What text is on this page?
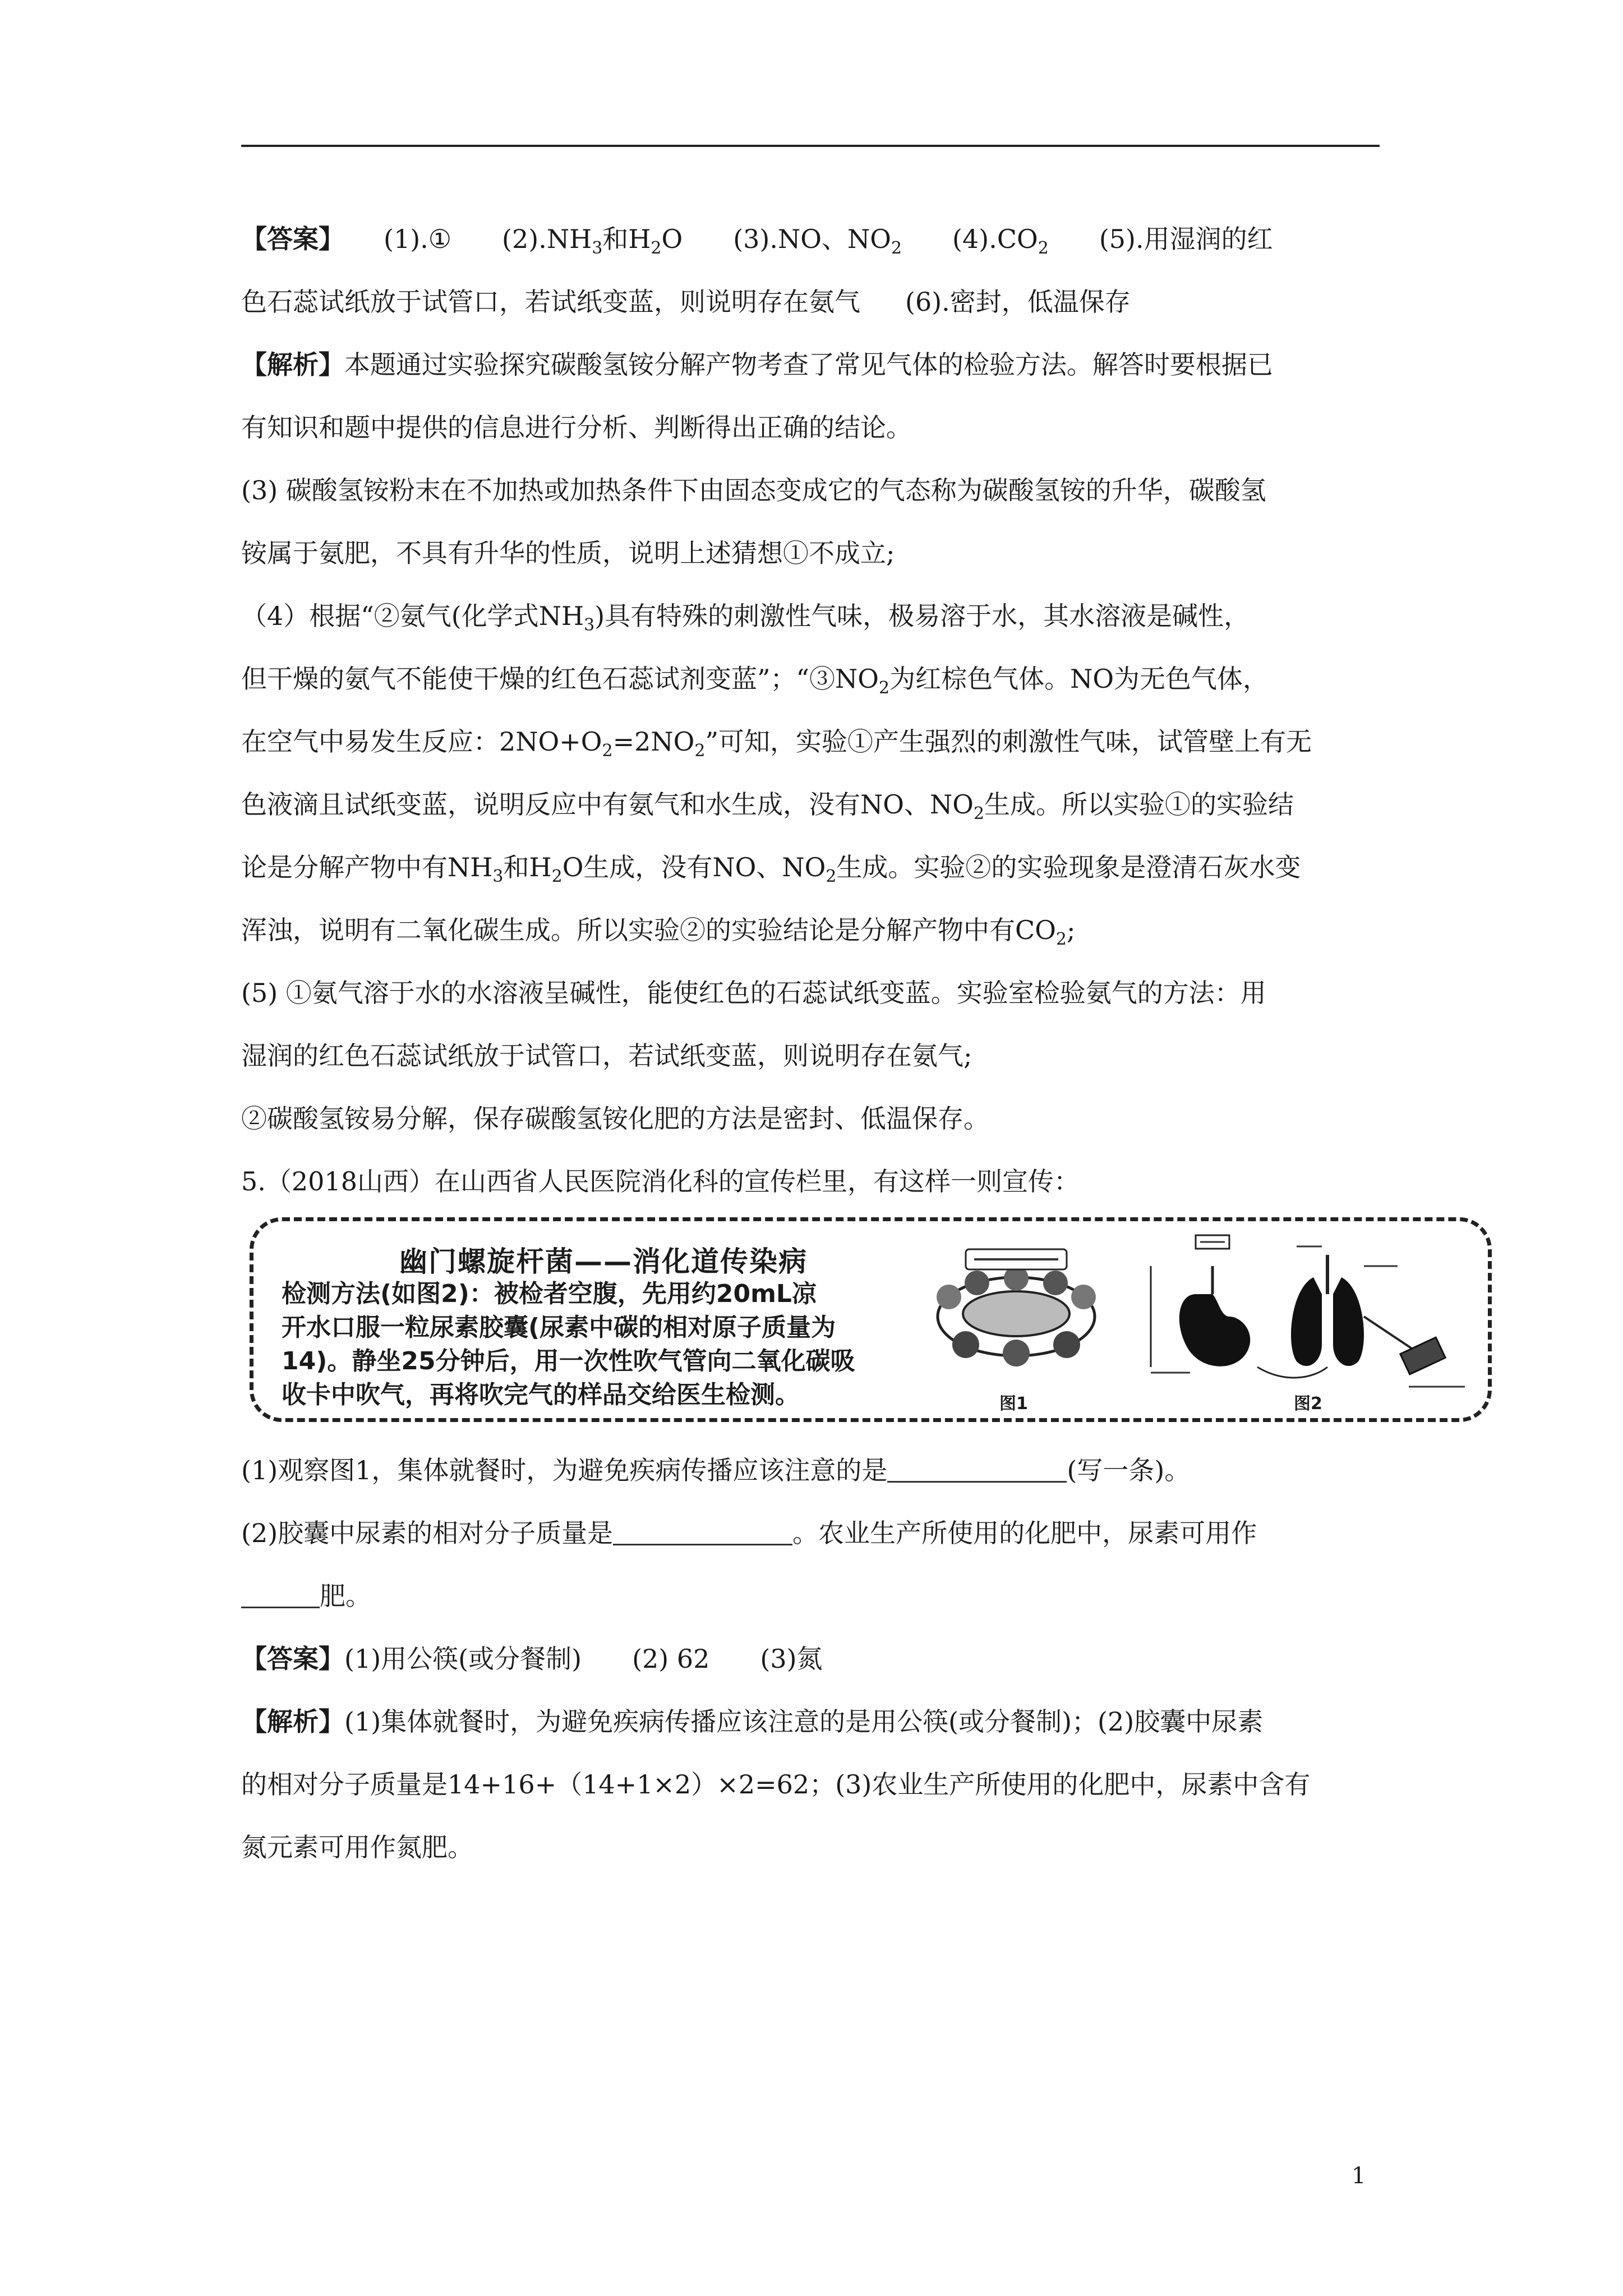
【答案】 (1).① $(2).NH_3$和$H_2O$ (3).NO、$NO_2$ $(4).CO_2$ (5).用湿润的红
色石蕊试纸放于试管口，若试纸变蓝，则说明存在氨气 (6).密封，低温保存
【解析】本题通过实验探究碳酸氢铵分解产物考查了常见气体的检验方法。解答时要根据已
有知识和题中提供的信息进行分析、判断得出正确的结论。
(3) 碳酸氢铵粉末在不加热或加热条件下由固态变成它的气态称为碳酸氢铵的升华，碳酸氢
铵属于氨肥，不具有升华的性质，说明上述猜想①不成立;
（4）根据“②氨气(化学式$NH_3$)具有特殊的刺激性气味，极易溶于水，其水溶液是碱性，
但干燥的氨气不能使干燥的红色石蕊试剂变蓝”；“$③NO_2$为红棕色气体。NO为无色气体，
在空气中易发生反应：$2NO+O_2=2NO_2$”可知，实验①产生强烈的刺激性气味，试管壁上有无
色液滴且试纸变蓝，说明反应中有氨气和水生成，没有NO、$NO_2$生成。所以实验①的实验结
论是分解产物中有$NH_3$和$H_2O$生成，没有NO、$NO_2$生成。实验②的实验现象是澄清石灰水变
浑浊，说明有二氧化碳生成。所以实验②的实验结论是分解产物中有$CO_2$;
(5) ①氨气溶于水的水溶液呈碱性，能使红色的石蕊试纸变蓝。实验室检验氨气的方法：用
湿润的红色石蕊试纸放于试管口，若试纸变蓝，则说明存在氨气;
②碳酸氢铵易分解，保存碳酸氢铵化肥的方法是密封、低温保存。
5.（2018山西）在山西省人民医院消化科的宣传栏里，有这样一则宣传：
幽门螺旋杆菌——消化道传染病
检测方法(如图2)：被检者空腹，先用约20mL凉
开水口服一粒尿素胶囊(尿素中碳的相对原子质量为
14)。静坐25分钟后，用一次性吹气管向二氧化碳吸
收卡中吹气，再将吹完气的样品交给医生检测。	图1	图2
(1)观察图1，集体就餐时，为避免疾病传播应该注意的是	(写一条)。
(2)胶囊中尿素的相对分子质量是	。农业生产所使用的化肥中，尿素可用作
肥。
【答案】(1)用公筷(或分餐制) (2) 62 (3)氮
【解析】(1)集体就餐时，为避免疾病传播应该注意的是用公筷(或分餐制)；(2)胶囊中尿素
的相对分子质量是14+16+（14+1×2）×2=62；(3)农业生产所使用的化肥中，尿素中含有
氮元素可用作氮肥。
1
